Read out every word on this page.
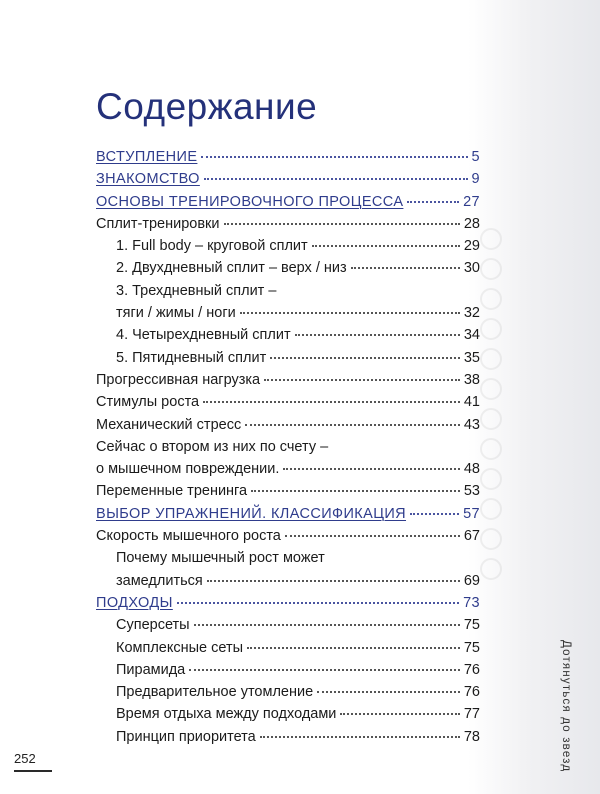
Содержание
ВСТУПЛЕНИЕ	5
ЗНАКОМСТВО	9
ОСНОВЫ ТРЕНИРОВОЧНОГО ПРОЦЕССА	27
Сплит-тренировки	28
1. Full body – круговой сплит	29
2. Двухдневный сплит – верх / низ	30
3. Трехдневный сплит –
тяги / жимы / ноги	32
4. Четырехдневный сплит	34
5. Пятидневный сплит	35
Прогрессивная нагрузка	38
Стимулы роста	41
Механический стресс	43
Сейчас о втором из них по счету –
о мышечном повреждении.	48
Переменные тренинга	53
ВЫБОР УПРАЖНЕНИЙ. КЛАССИФИКАЦИЯ	57
Скорость мышечного роста	67
Почему мышечный рост может
замедлиться	69
ПОДХОДЫ	73
Суперсеты	75
Комплексные сеты	75
Пирамида	76
Предварительное утомление	76
Время отдыха между подходами	77
Принцип приоритета	78
252	Дотянуться до звезд
